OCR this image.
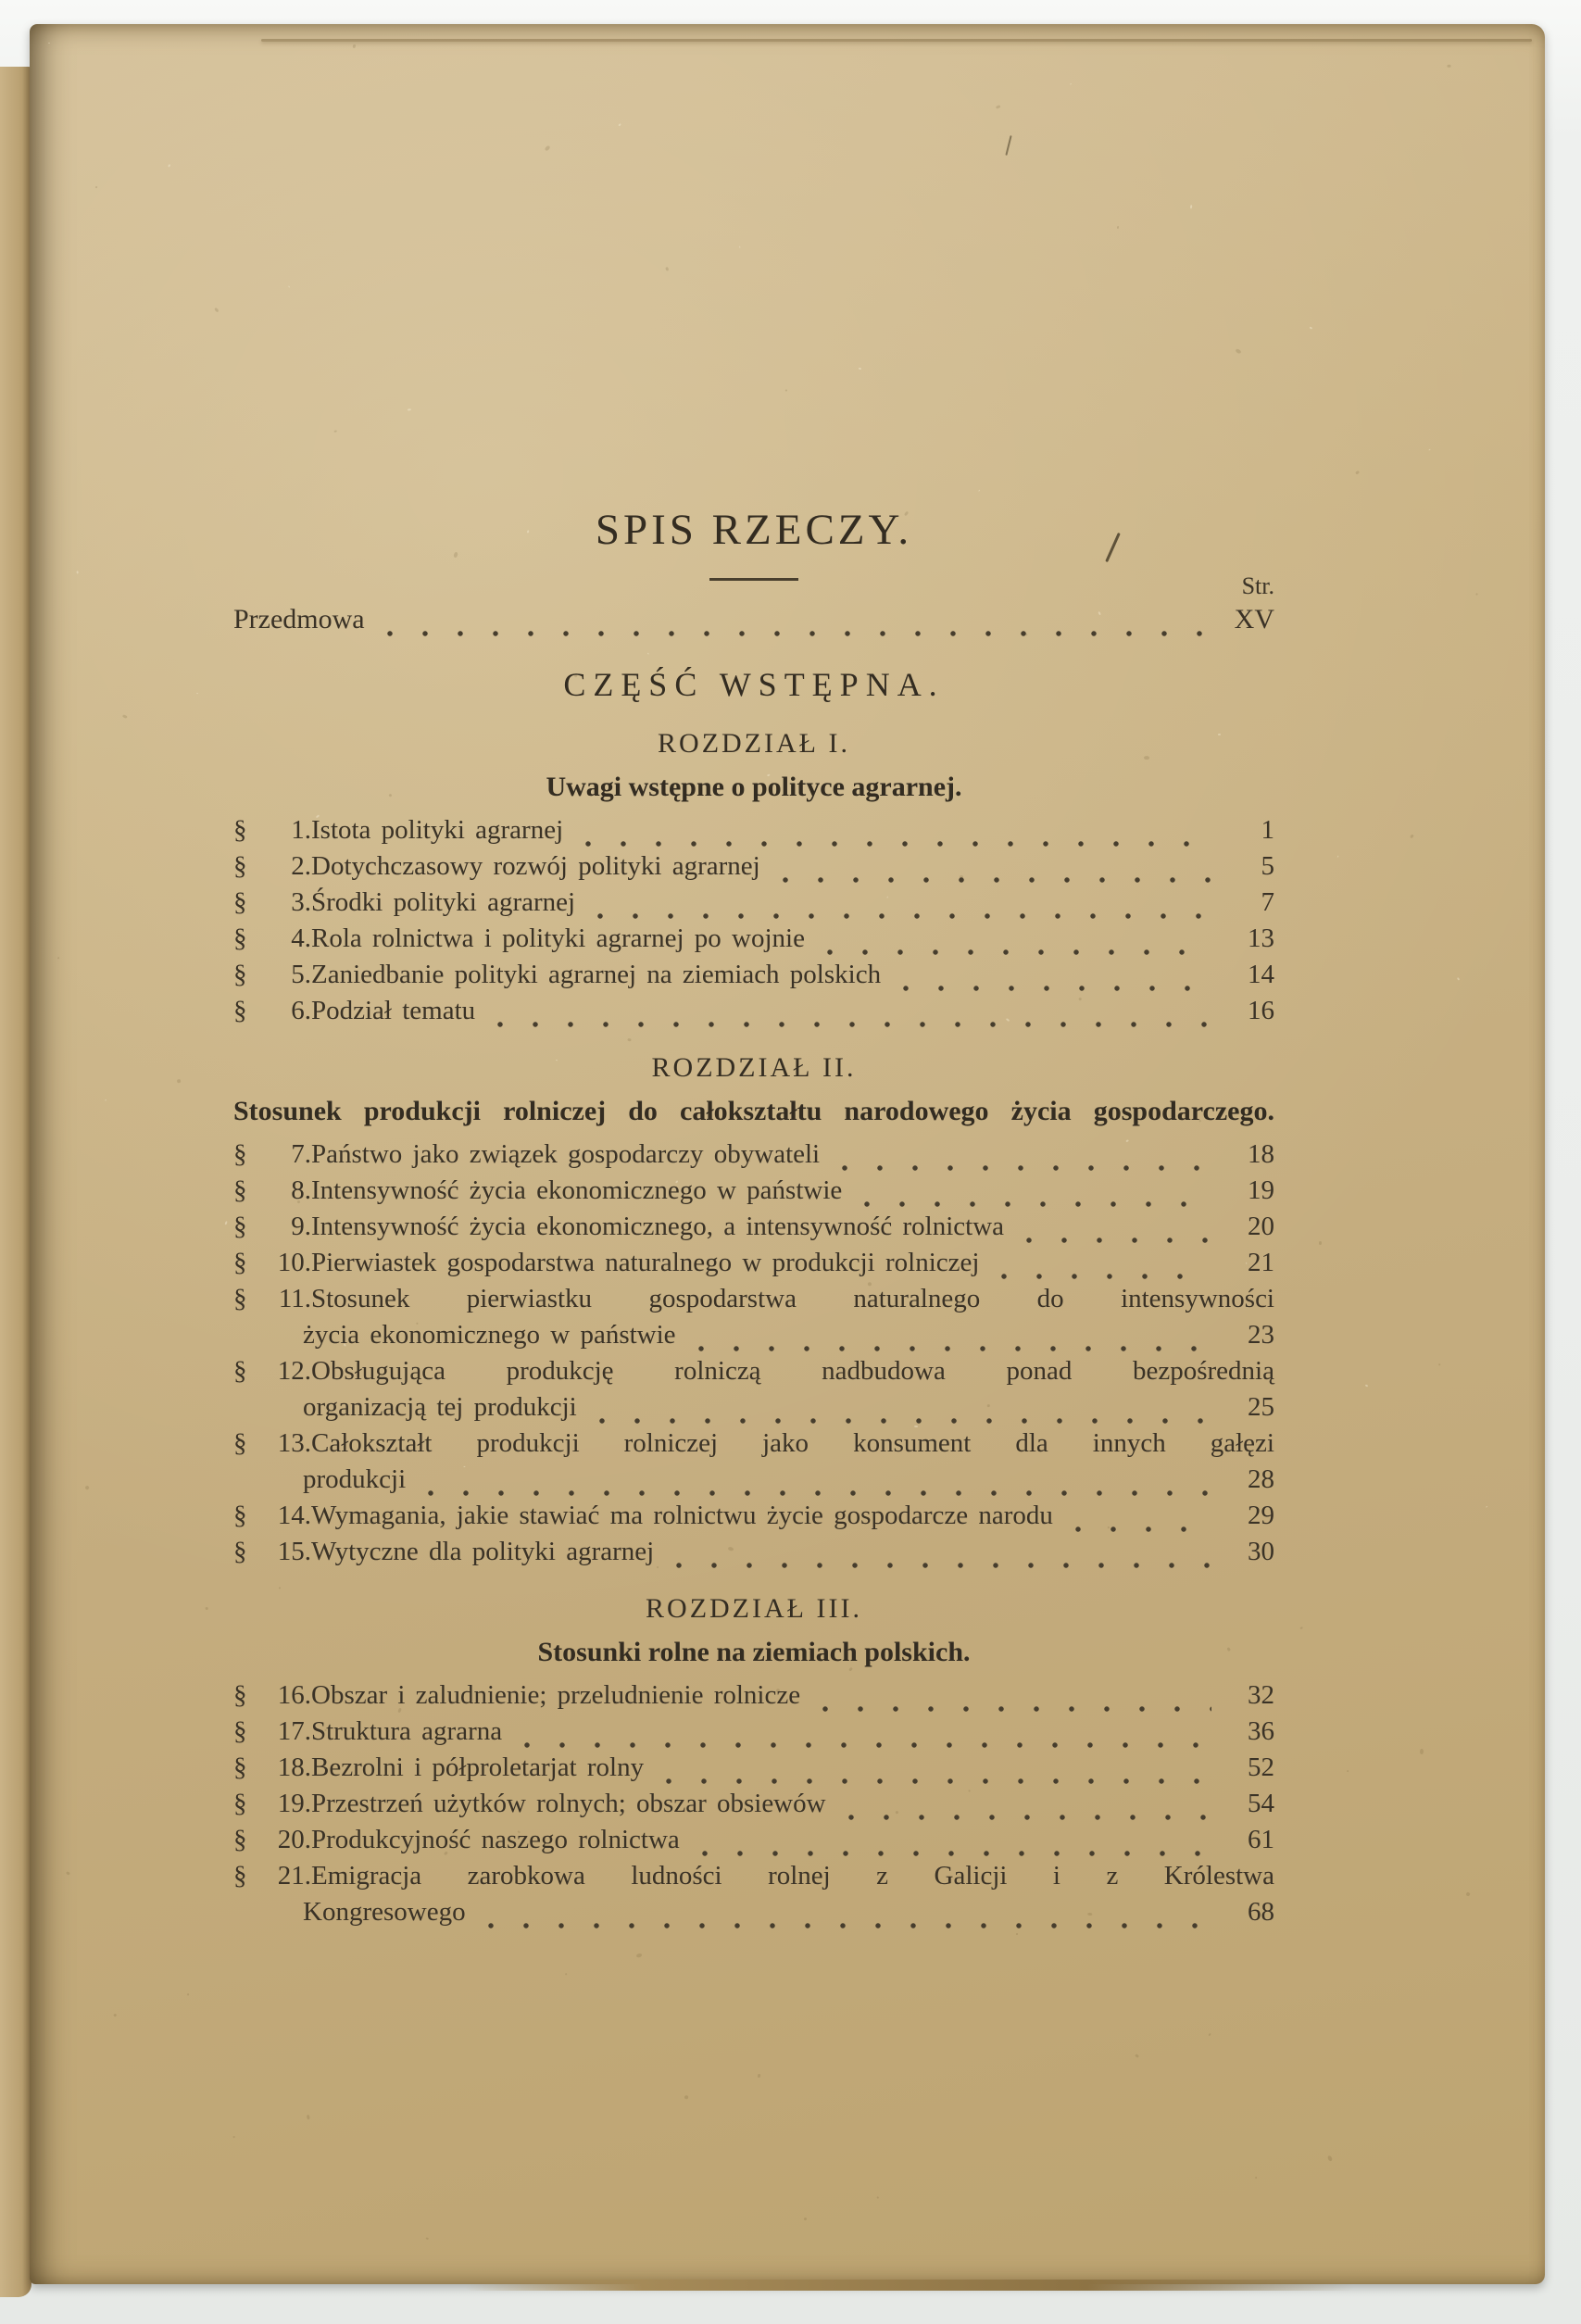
SPIS RZECZY.
Str.
Przedmowa	XV
CZĘŚĆ WSTĘPNA.
ROZDZIAŁ I.
Uwagi wstępne o polityce agrarnej.
§ 1. Istota polityki agrarnej	1
§ 2. Dotychczasowy rozwój polityki agrarnej	5
§ 3. Środki polityki agrarnej	7
§ 4. Rola rolnictwa i polityki agrarnej po wojnie	13
§ 5. Zaniedbanie polityki agrarnej na ziemiach polskich	14
§ 6. Podział tematu	16
ROZDZIAŁ II.
Stosunek produkcji rolniczej do całokształtu narodowego życia gospodarczego.
§ 7. Państwo jako związek gospodarczy obywateli	18
§ 8. Intensywność życia ekonomicznego w państwie	19
§ 9. Intensywność życia ekonomicznego, a intensywność rolnictwa	20
§ 10. Pierwiastek gospodarstwa naturalnego w produkcji rolniczej	21
§ 11. Stosunek pierwiastku gospodarstwa naturalnego do intensywności
życia ekonomicznego w państwie	23
§ 12. Obsługująca produkcję rolniczą nadbudowa ponad bezpośrednią
organizacją tej produkcji	25
§ 13. Całokształt produkcji rolniczej jako konsument dla innych gałęzi
produkcji	28
§ 14. Wymagania, jakie stawiać ma rolnictwu życie gospodarcze narodu	29
§ 15. Wytyczne dla polityki agrarnej	30
ROZDZIAŁ III.
Stosunki rolne na ziemiach polskich.
§ 16. Obszar i zaludnienie; przeludnienie rolnicze	32
§ 17. Struktura agrarna	36
§ 18. Bezrolni i półproletarjat rolny	52
§ 19. Przestrzeń użytków rolnych; obszar obsiewów	54
§ 20. Produkcyjność naszego rolnictwa	61
§ 21. Emigracja zarobkowa ludności rolnej z Galicji i z Królestwa
Kongresowego	68
